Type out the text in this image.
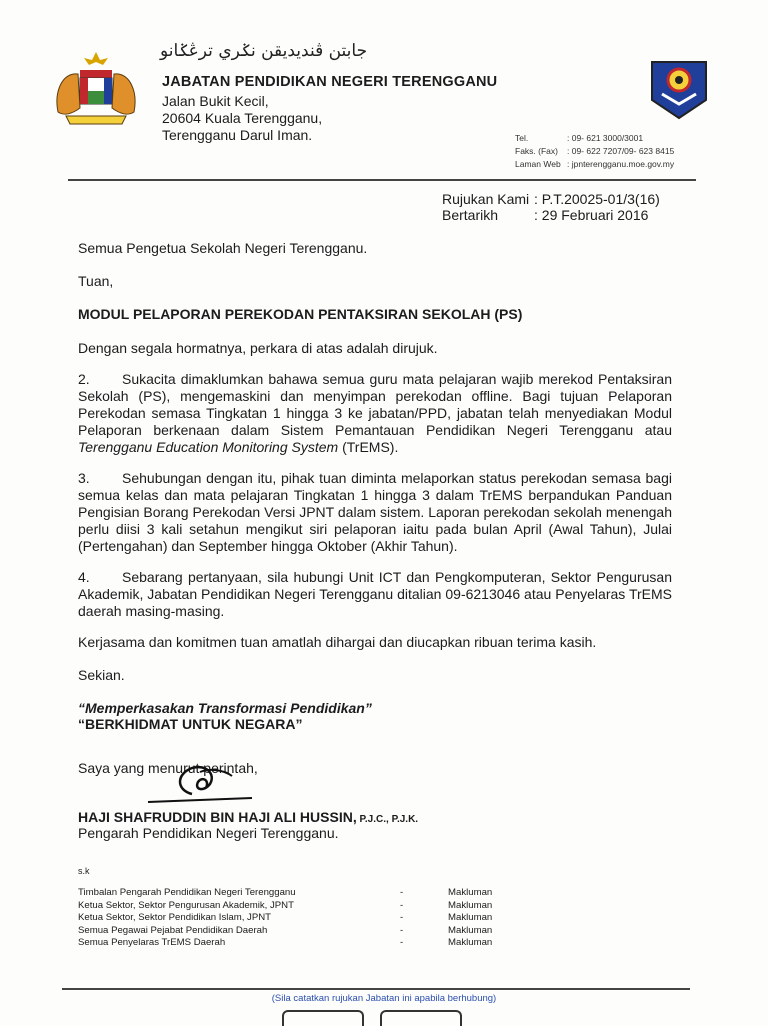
جابتن ڤندیديقن نݢري ترڠݢانو
JABATAN PENDIDIKAN NEGERI TERENGGANU
Jalan Bukit Kecil,
20604 Kuala Terengganu,
Terengganu Darul Iman.	Tel.	: 09- 621 3000/3001
Faks. (Fax) : 09- 622 7207/09- 623 8415
Laman Web : jpnterengganu.moe.gov.my
Rujukan Kami : P.T.20025-01/3(16)
Bertarikh	: 29 Februari 2016
Semua Pengetua Sekolah Negeri Terengganu.
Tuan,
MODUL PELAPORAN PEREKODAN PENTAKSIRAN SEKOLAH (PS)
Dengan segala hormatnya, perkara di atas adalah dirujuk.
2. Sukacita dimaklumkan bahawa semua guru mata pelajaran wajib merekod Pentaksiran Sekolah (PS), mengemaskini dan menyimpan perekodan offline. Bagi tujuan Pelaporan Perekodan semasa Tingkatan 1 hingga 3 ke jabatan/PPD, jabatan telah menyediakan Modul Pelaporan berkenaan dalam Sistem Pemantauan Pendidikan Negeri Terengganu atau Terengganu Education Monitoring System (TrEMS).
3. Sehubungan dengan itu, pihak tuan diminta melaporkan status perekodan semasa bagi semua kelas dan mata pelajaran Tingkatan 1 hingga 3 dalam TrEMS berpandukan Panduan Pengisian Borang Perekodan Versi JPNT dalam sistem. Laporan perekodan sekolah menengah perlu diisi 3 kali setahun mengikut siri pelaporan iaitu pada bulan April (Awal Tahun), Julai (Pertengahan) dan September hingga Oktober (Akhir Tahun).
4. Sebarang pertanyaan, sila hubungi Unit ICT dan Pengkomputeran, Sektor Pengurusan Akademik, Jabatan Pendidikan Negeri Terengganu ditalian 09-6213046 atau Penyelaras TrEMS daerah masing-masing.
Kerjasama dan komitmen tuan amatlah dihargai dan diucapkan ribuan terima kasih.
Sekian.
“Memperkasakan Transformasi Pendidikan”
“BERKHIDMAT UNTUK NEGARA”
Saya yang menurut perintah,
HAJI SHAFRUDDIN BIN HAJI ALI HUSSIN, P.J.C., P.J.K.
Pengarah Pendidikan Negeri Terengganu.
s.k
Timbalan Pengarah Pendidikan Negeri Terengganu	-	Makluman
Ketua Sektor, Sektor Pengurusan Akademik, JPNT	-	Makluman
Ketua Sektor, Sektor Pendidikan Islam, JPNT	-	Makluman
Semua Pegawai Pejabat Pendidikan Daerah	-	Makluman
Semua Penyelaras TrEMS Daerah	-	Makluman
(Sila catatkan rujukan Jabatan ini apabila berhubung)
